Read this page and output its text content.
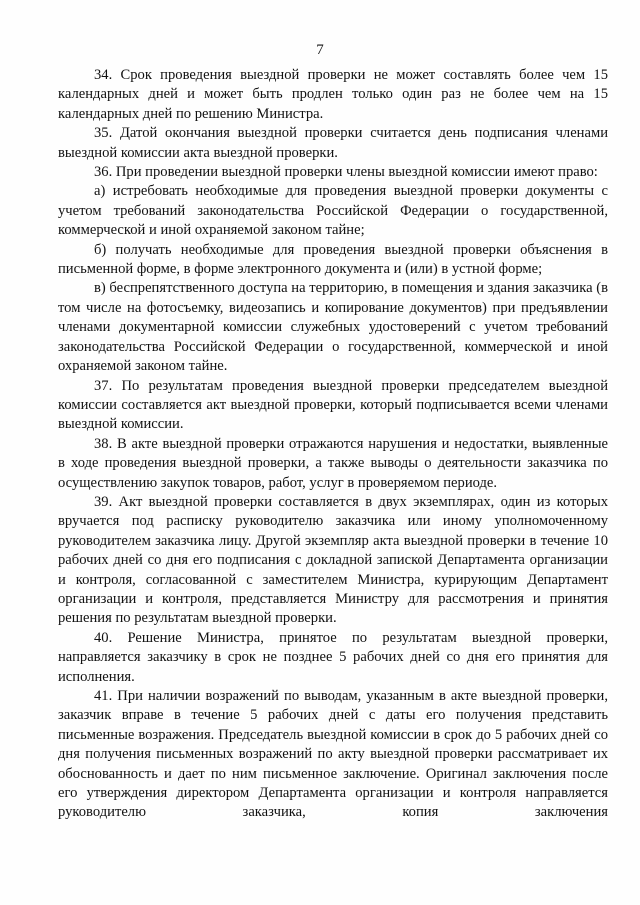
7

34. Срок проведения выездной проверки не может составлять более чем 15 календарных дней и может быть продлен только один раз не более чем на 15 календарных дней по решению Министра.

35. Датой окончания выездной проверки считается день подписания членами выездной комиссии акта выездной проверки.

36. При проведении выездной проверки члены выездной комиссии имеют право:

а) истребовать необходимые для проведения выездной проверки документы с учетом требований законодательства Российской Федерации о государственной, коммерческой и иной охраняемой законом тайне;

б) получать необходимые для проведения выездной проверки объяснения в письменной форме, в форме электронного документа и (или) в устной форме;

в) беспрепятственного доступа на территорию, в помещения и здания заказчика (в том числе на фотосъемку, видеозапись и копирование документов) при предъявлении членами документарной комиссии служебных удостоверений с учетом требований законодательства Российской Федерации о государственной, коммерческой и иной охраняемой законом тайне.

37. По результатам проведения выездной проверки председателем выездной комиссии составляется акт выездной проверки, который подписывается всеми членами выездной комиссии.

38. В акте выездной проверки отражаются нарушения и недостатки, выявленные в ходе проведения выездной проверки, а также выводы о деятельности заказчика по осуществлению закупок товаров, работ, услуг в проверяемом периоде.

39. Акт выездной проверки составляется в двух экземплярах, один из которых вручается под расписку руководителю заказчика или иному уполномоченному руководителем заказчика лицу. Другой экземпляр акта выездной проверки в течение 10 рабочих дней со дня его подписания с докладной запиской Департамента организации и контроля, согласованной с заместителем Министра, курирующим Департамент организации и контроля, представляется Министру для рассмотрения и принятия решения по результатам выездной проверки.

40. Решение Министра, принятое по результатам выездной проверки, направляется заказчику в срок не позднее 5 рабочих дней со дня его принятия для исполнения.

41. При наличии возражений по выводам, указанным в акте выездной проверки, заказчик вправе в течение 5 рабочих дней с даты его получения представить письменные возражения. Председатель выездной комиссии в срок до 5 рабочих дней со дня получения письменных возражений по акту выездной проверки рассматривает их обоснованность и дает по ним письменное заключение. Оригинал заключения после его утверждения директором Департамента организации и контроля направляется руководителю заказчика, копия заключения
